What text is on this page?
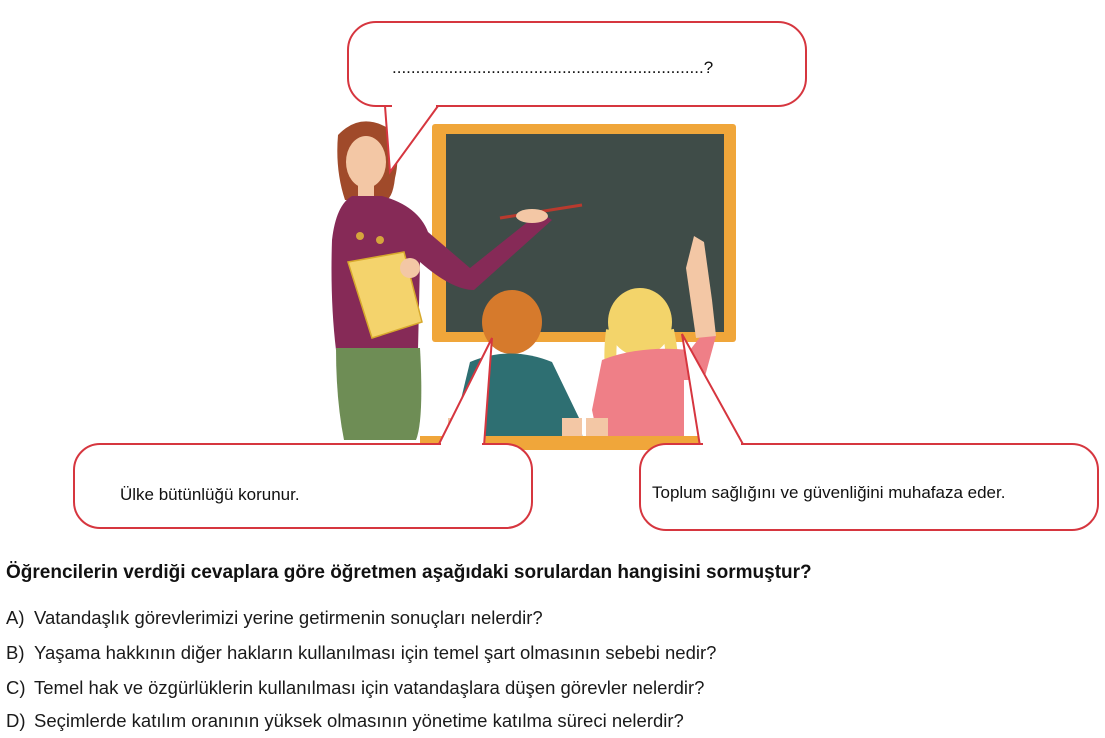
..................................................................?
Ülke bütünlüğü korunur.	Toplum sağlığını ve güvenliğini muhafaza eder.
Öğrencilerin verdiği cevaplara göre öğretmen aşağıdaki sorulardan hangisini sormuştur?
A) Vatandaşlık görevlerimizi yerine getirmenin sonuçları nelerdir?
B) Yaşama hakkının diğer hakların kullanılması için temel şart olmasının sebebi nedir?
C) Temel hak ve özgürlüklerin kullanılması için vatandaşlara düşen görevler nelerdir?
D) Seçimlerde katılım oranının yüksek olmasının yönetime katılma süreci nelerdir?
